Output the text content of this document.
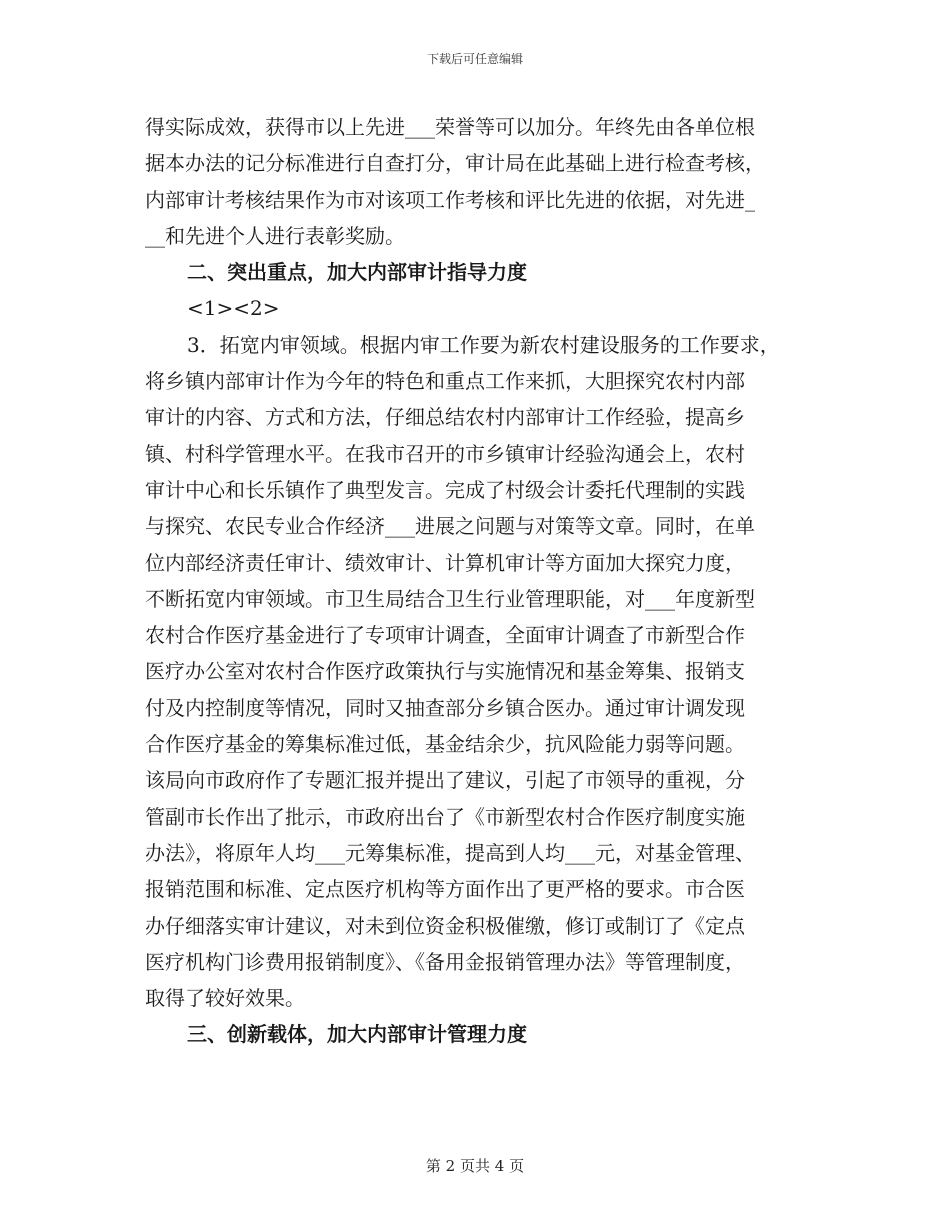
下载后可任意编辑
得实际成效，获得市以上先进___荣誉等可以加分。年终先由各单位根
据本办法的记分标准进行自查打分，审计局在此基础上进行检查考核，
内部审计考核结果作为市对该项工作考核和评比先进的依据，对先进_
__和先进个人进行表彰奖励。
二、突出重点，加大内部审计指导力度
<1><2>
3．拓宽内审领域。根据内审工作要为新农村建设服务的工作要求，
将乡镇内部审计作为今年的特色和重点工作来抓，大胆探究农村内部
审计的内容、方式和方法，仔细总结农村内部审计工作经验，提高乡
镇、村科学管理水平。在我市召开的市乡镇审计经验沟通会上，农村
审计中心和长乐镇作了典型发言。完成了村级会计委托代理制的实践
与探究、农民专业合作经济___进展之问题与对策等文章。同时，在单
位内部经济责任审计、绩效审计、计算机审计等方面加大探究力度，
不断拓宽内审领域。市卫生局结合卫生行业管理职能，对___年度新型
农村合作医疗基金进行了专项审计调查，全面审计调查了市新型合作
医疗办公室对农村合作医疗政策执行与实施情况和基金筹集、报销支
付及内控制度等情况，同时又抽查部分乡镇合医办。通过审计调发现
合作医疗基金的筹集标准过低，基金结余少，抗风险能力弱等问题。
该局向市政府作了专题汇报并提出了建议，引起了市领导的重视，分
管副市长作出了批示，市政府出台了《市新型农村合作医疗制度实施
办法》，将原年人均___元筹集标准，提高到人均___元，对基金管理、
报销范围和标准、定点医疗机构等方面作出了更严格的要求。市合医
办仔细落实审计建议，对未到位资金积极催缴，修订或制订了《定点
医疗机构门诊费用报销制度》、《备用金报销管理办法》等管理制度，
取得了较好效果。
三、创新载体，加大内部审计管理力度
第 2 页共 4 页
